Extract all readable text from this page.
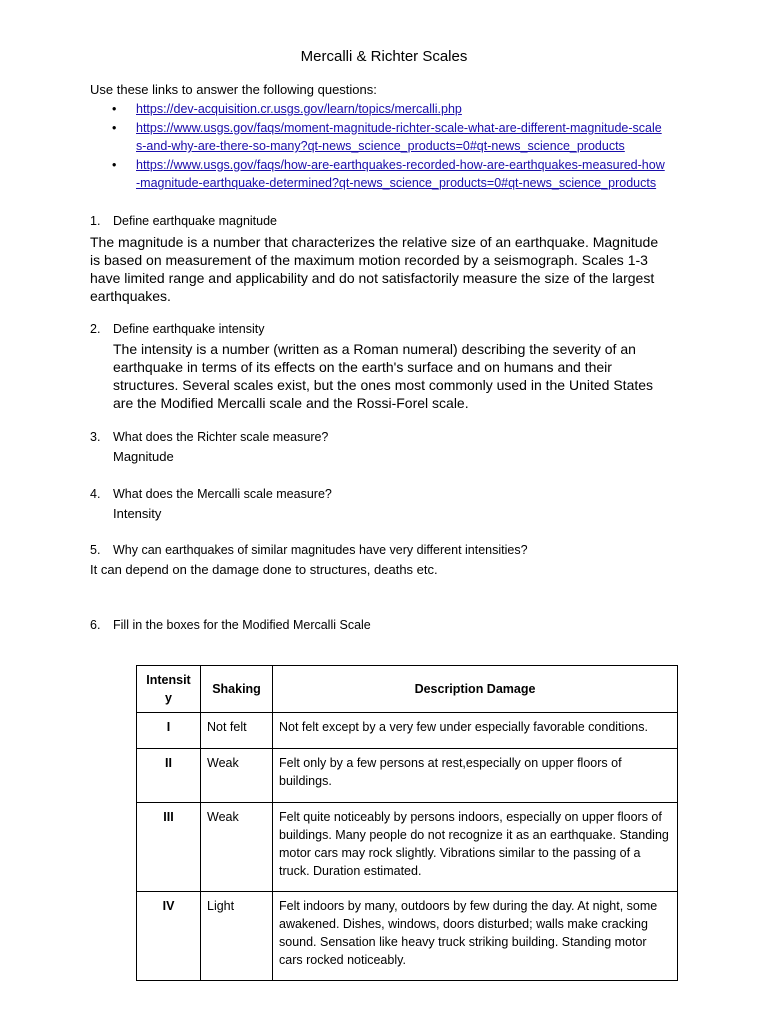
Mercalli & Richter Scales
Use these links to answer the following questions:
• https://dev-acquisition.cr.usgs.gov/learn/topics/mercalli.php
• https://www.usgs.gov/faqs/moment-magnitude-richter-scale-what-are-different-magnitude-scales-and-why-are-there-so-many?qt-news_science_products=0#qt-news_science_products
• https://www.usgs.gov/faqs/how-are-earthquakes-recorded-how-are-earthquakes-measured-how-magnitude-earthquake-determined?qt-news_science_products=0#qt-news_science_products
1. Define earthquake magnitude
The magnitude is a number that characterizes the relative size of an earthquake. Magnitude is based on measurement of the maximum motion recorded by a seismograph. Scales 1-3 have limited range and applicability and do not satisfactorily measure the size of the largest earthquakes.
2. Define earthquake intensity
The intensity is a number (written as a Roman numeral) describing the severity of an earthquake in terms of its effects on the earth's surface and on humans and their structures. Several scales exist, but the ones most commonly used in the United States are the Modified Mercalli scale and the Rossi-Forel scale.
3. What does the Richter scale measure?
Magnitude
4. What does the Mercalli scale measure?
Intensity
5. Why can earthquakes of similar magnitudes have very different intensities?
It can depend on the damage done to structures, deaths etc.
6. Fill in the boxes for the Modified Mercalli Scale
Intensity	Shaking	Description Damage
I	Not felt	Not felt except by a very few under especially favorable conditions.
II	Weak	Felt only by a few persons at rest,especially on upper floors of buildings.
III	Weak	Felt quite noticeably by persons indoors, especially on upper floors of buildings. Many people do not recognize it as an earthquake. Standing motor cars may rock slightly. Vibrations similar to the passing of a truck. Duration estimated.
IV	Light	Felt indoors by many, outdoors by few during the day. At night, some awakened. Dishes, windows, doors disturbed; walls make cracking sound. Sensation like heavy truck striking building. Standing motor cars rocked noticeably.
